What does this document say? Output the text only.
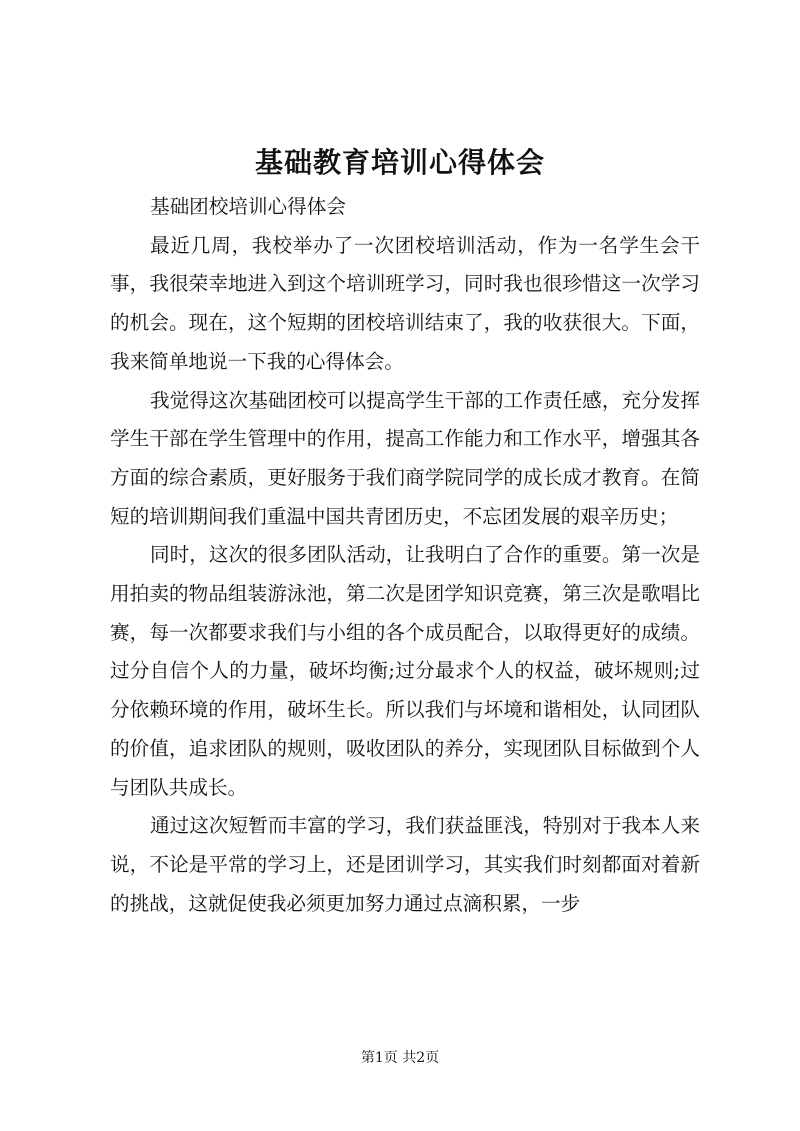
基础教育培训心得体会

基础团校培训心得体会

最近几周，我校举办了一次团校培训活动，作为一名学生会干事，我很荣幸地进入到这个培训班学习，同时我也很珍惜这一次学习的机会。现在，这个短期的团校培训结束了，我的收获很大。下面，我来简单地说一下我的心得体会。

我觉得这次基础团校可以提高学生干部的工作责任感，充分发挥学生干部在学生管理中的作用，提高工作能力和工作水平，增强其各方面的综合素质，更好服务于我们商学院同学的成长成才教育。在简短的培训期间我们重温中国共青团历史，不忘团发展的艰辛历史；

同时，这次的很多团队活动，让我明白了合作的重要。第一次是用拍卖的物品组装游泳池，第二次是团学知识竞赛，第三次是歌唱比赛，每一次都要求我们与小组的各个成员配合，以取得更好的成绩。过分自信个人的力量，破坏均衡;过分最求个人的权益，破坏规则;过分依赖环境的作用，破坏生长。所以我们与坏境和谐相处，认同团队的价值，追求团队的规则，吸收团队的养分，实现团队目标做到个人与团队共成长。

通过这次短暂而丰富的学习，我们获益匪浅，特别对于我本人来说，不论是平常的学习上，还是团训学习，其实我们时刻都面对着新的挑战，这就促使我必须更加努力通过点滴积累，一步

第1页 共2页
